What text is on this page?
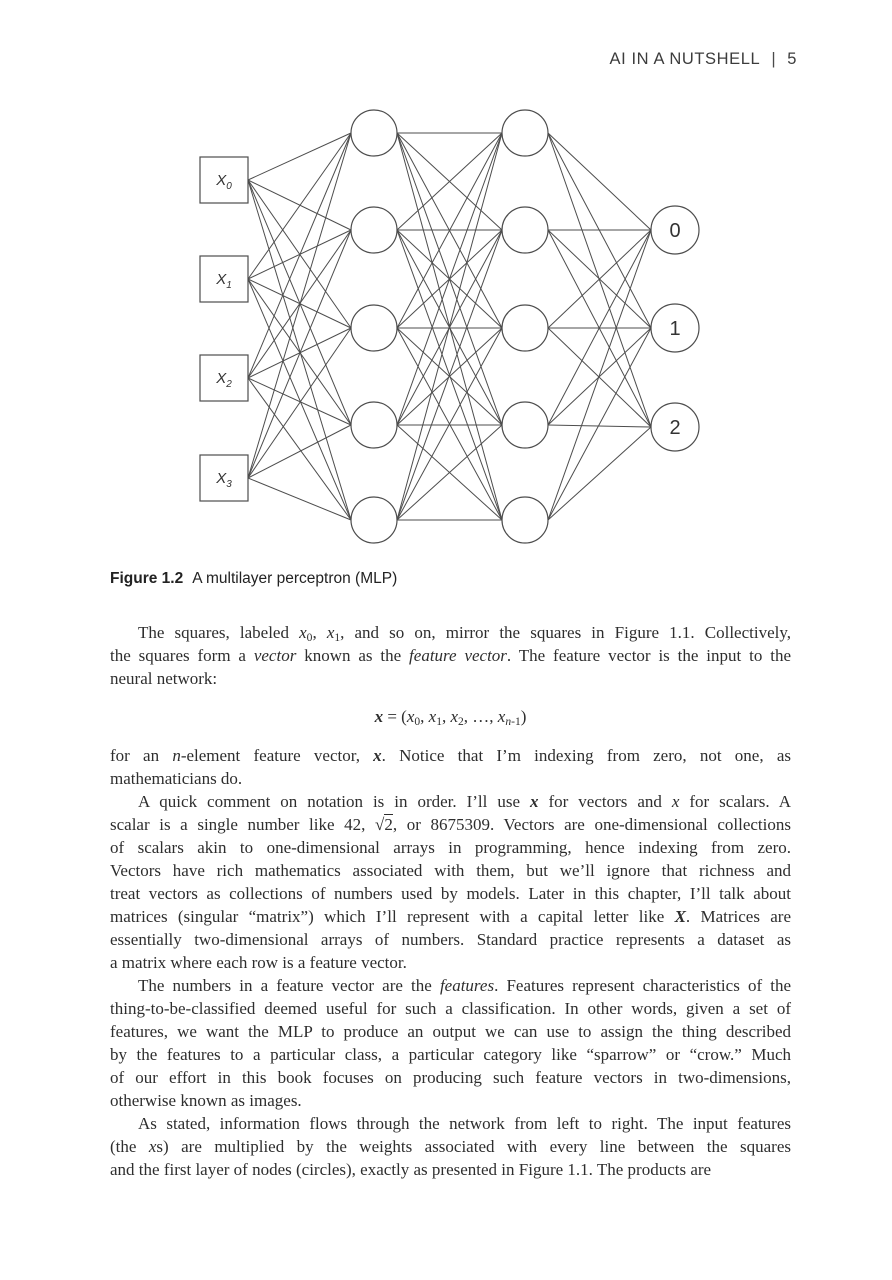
AI IN A NUTSHELL | 5
$X_0$
$X_1$
$X_2$
$X_3$
0
1
2
Figure 1.2 A multilayer perceptron (MLP)
The squares, labeled $x_0$, $x_1$, and so on, mirror the squares in Figure 1.1. Collectively,
the squares form a vector known as the feature vector. The feature vector is the input to the
neural network:
$x = (x_0$, $x_1$, $x_2$, …, $x_{n-1}$)
for an n-element feature vector, x. Notice that I’m indexing from zero, not one, as
mathematicians do.
A quick comment on notation is in order. I’ll use x for vectors and x for scalars. A
scalar is a single number like 42, √2, or 8675309. Vectors are one-dimensional collections
of scalars akin to one-dimensional arrays in programming, hence indexing from zero.
Vectors have rich mathematics associated with them, but we’ll ignore that richness and
treat vectors as collections of numbers used by models. Later in this chapter, I’ll talk about
matrices (singular “matrix”) which I’ll represent with a capital letter like X. Matrices are
essentially two-dimensional arrays of numbers. Standard practice represents a dataset as
a matrix where each row is a feature vector.
The numbers in a feature vector are the features. Features represent characteristics of the
thing-to-be-classified deemed useful for such a classification. In other words, given a set of
features, we want the MLP to produce an output we can use to assign the thing described
by the features to a particular class, a particular category like “sparrow” or “crow.” Much
of our effort in this book focuses on producing such feature vectors in two-dimensions,
otherwise known as images.
As stated, information flows through the network from left to right. The input features
(the xs) are multiplied by the weights associated with every line between the squares
and the first layer of nodes (circles), exactly as presented in Figure 1.1. The products are
